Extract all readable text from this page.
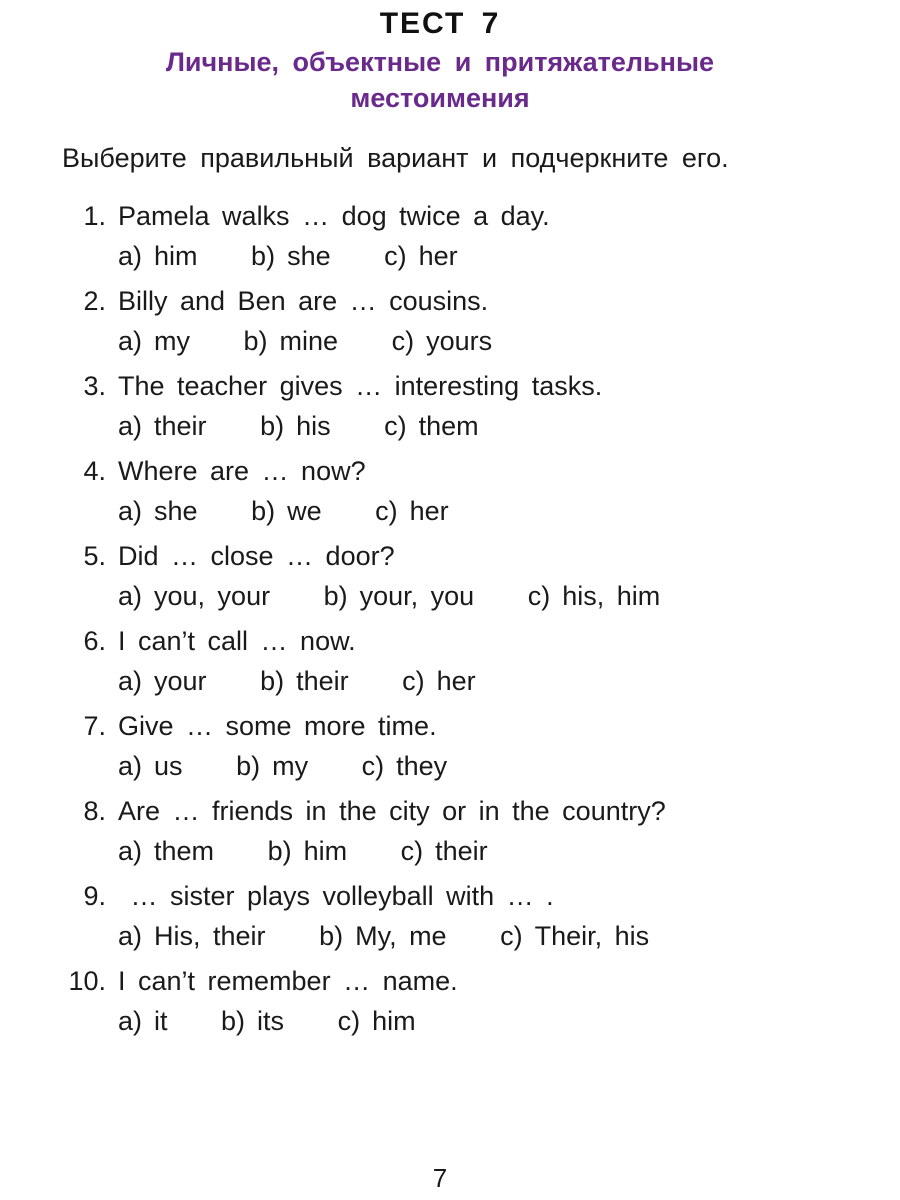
ТЕСТ 7
Личные, объектные и притяжательные
местоимения
Выберите правильный вариант и подчеркните его.
1. Pamela walks … dog twice a day.
a) him b) she c) her
2. Billy and Ben are … cousins.
a) my b) mine c) yours
3. The teacher gives … interesting tasks.
a) their b) his c) them
4. Where are … now?
a) she b) we c) her
5. Did … close … door?
a) you, your b) your, you c) his, him
6. I can’t call … now.
a) your b) their c) her
7. Give … some more time.
a) us b) my c) they
8. Are … friends in the city or in the country?
a) them b) him c) their
9. … sister plays volleyball with … .
a) His, their b) My, me c) Their, his
10. I can’t remember … name.
a) it b) its c) him
7
